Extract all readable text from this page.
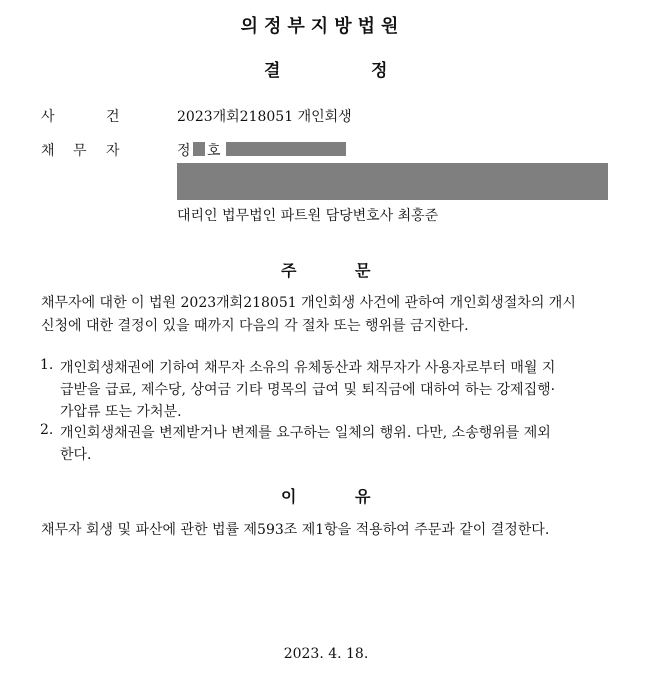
의정부지방법원
결	정
사	건	2023개회218051 개인회생
채 무 자	정 호
대리인 법무법인 파트원 담당변호사 최홍준
주	문
채무자에 대한 이 법원 2023개회218051 개인회생 사건에 관하여 개인회생절차의 개시
신청에 대한 결정이 있을 때까지 다음의 각 절차 또는 행위를 금지한다.
1. 개인회생채권에 기하여 채무자 소유의 유체동산과 채무자가 사용자로부터 매월 지
급받을 급료, 제수당, 상여금 기타 명목의 급여 및 퇴직금에 대하여 하는 강제집행·
가압류 또는 가처분.
2. 개인회생채권을 변제받거나 변제를 요구하는 일체의 행위. 다만, 소송행위를 제외
한다.
이	유
채무자 회생 및 파산에 관한 법률 제593조 제1항을 적용하여 주문과 같이 결정한다.
2023. 4. 18.
